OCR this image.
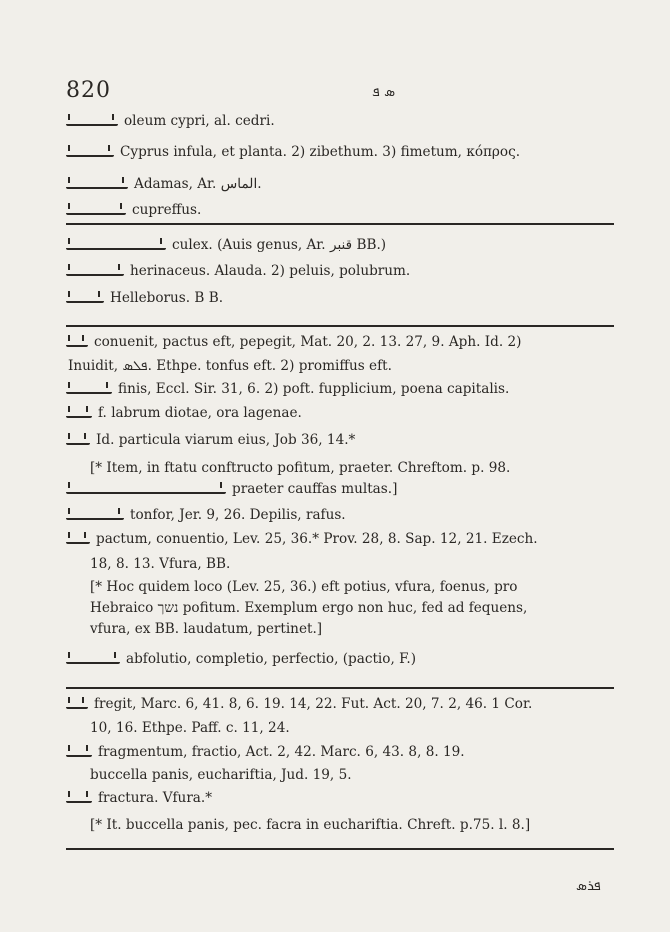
820	ܣ ܦ
oleum cypri, al. cedri.
Cyprus infula, et planta. 2) zibethum. 3) fimetum, κόπρος.
Adamas, Ar. الماس.
cupreffus.
culex. (Auis genus, Ar. قنبر BB.)
herinaceus. Alauda. 2) peluis, polubrum.
Helleborus. B B.
conuenit, pactus eft, pepegit, Mat. 20, 2. 13. 27, 9. Aph. Id. 2)
Inuidit, ܦܠܣ. Ethpe. tonfus eft. 2) promiffus eft.
finis, Eccl. Sir. 31, 6. 2) poft. fupplicium, poena capitalis.
f. labrum diotae, ora lagenae.
Id. particula viarum eius, Job 36, 14.*
[* Item, in ftatu conftructo pofitum, praeter. Chreftom. p. 98.
praeter cauffas multas.]
tonfor, Jer. 9, 26. Depilis, rafus.
pactum, conuentio, Lev. 25, 36.* Prov. 28, 8. Sap. 12, 21. Ezech.
18, 8. 13. Vfura, BB.
[* Hoc quidem loco (Lev. 25, 36.) eft potius, vfura, foenus, pro
Hebraico נשך pofitum. Exemplum ergo non huc, fed ad fequens,
vfura, ex BB. laudatum, pertinet.]
abfolutio, completio, perfectio, (pactio, F.)
fregit, Marc. 6, 41. 8, 6. 19. 14, 22. Fut. Act. 20, 7. 2, 46. 1 Cor.
10, 16. Ethpe. Paff. c. 11, 24.
fragmentum, fractio, Act. 2, 42. Marc. 6, 43. 8, 8. 19.
buccella panis, euchariftia, Jud. 19, 5.
fractura. Vfura.*
[* It. buccella panis, pec. facra in euchariftia. Chreft. p.75. l. 8.]
ܦܪܣ
